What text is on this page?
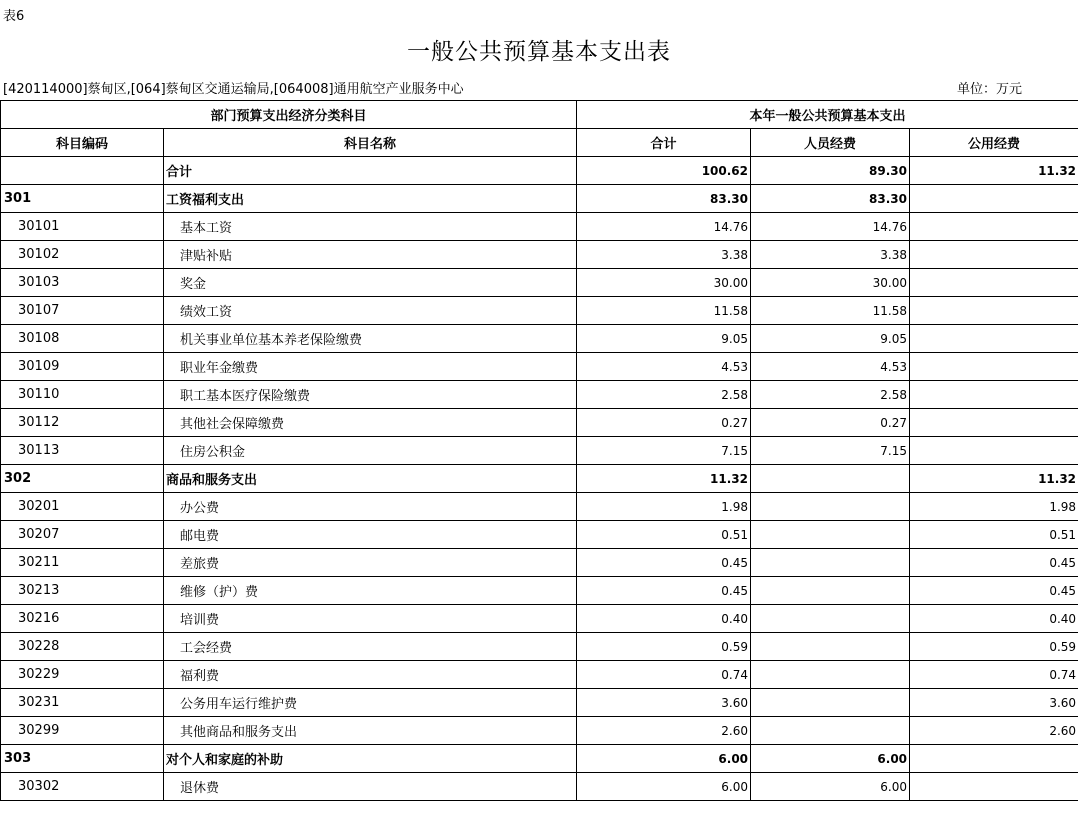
表6
一般公共预算基本支出表
[420114000]蔡甸区,[064]蔡甸区交通运输局,[064008]通用航空产业服务中心	单位：万元
部门预算支出经济分类科目		本年一般公共预算基本支出		
科目编码	科目名称	合计	人员经费	公用经费
	合计	100.62	89.30	11.32
301	工资福利支出	83.30	83.30	
30101	基本工资	14.76	14.76	
30102	津贴补贴	3.38	3.38	
30103	奖金	30.00	30.00	
30107	绩效工资	11.58	11.58	
30108	机关事业单位基本养老保险缴费	9.05	9.05	
30109	职业年金缴费	4.53	4.53	
30110	职工基本医疗保险缴费	2.58	2.58	
30112	其他社会保障缴费	0.27	0.27	
30113	住房公积金	7.15	7.15	
302	商品和服务支出	11.32		11.32
30201	办公费	1.98		1.98
30207	邮电费	0.51		0.51
30211	差旅费	0.45		0.45
30213	维修（护）费	0.45		0.45
30216	培训费	0.40		0.40
30228	工会经费	0.59		0.59
30229	福利费	0.74		0.74
30231	公务用车运行维护费	3.60		3.60
30299	其他商品和服务支出	2.60		2.60
303	对个人和家庭的补助	6.00	6.00	
30302	退休费	6.00	6.00	
